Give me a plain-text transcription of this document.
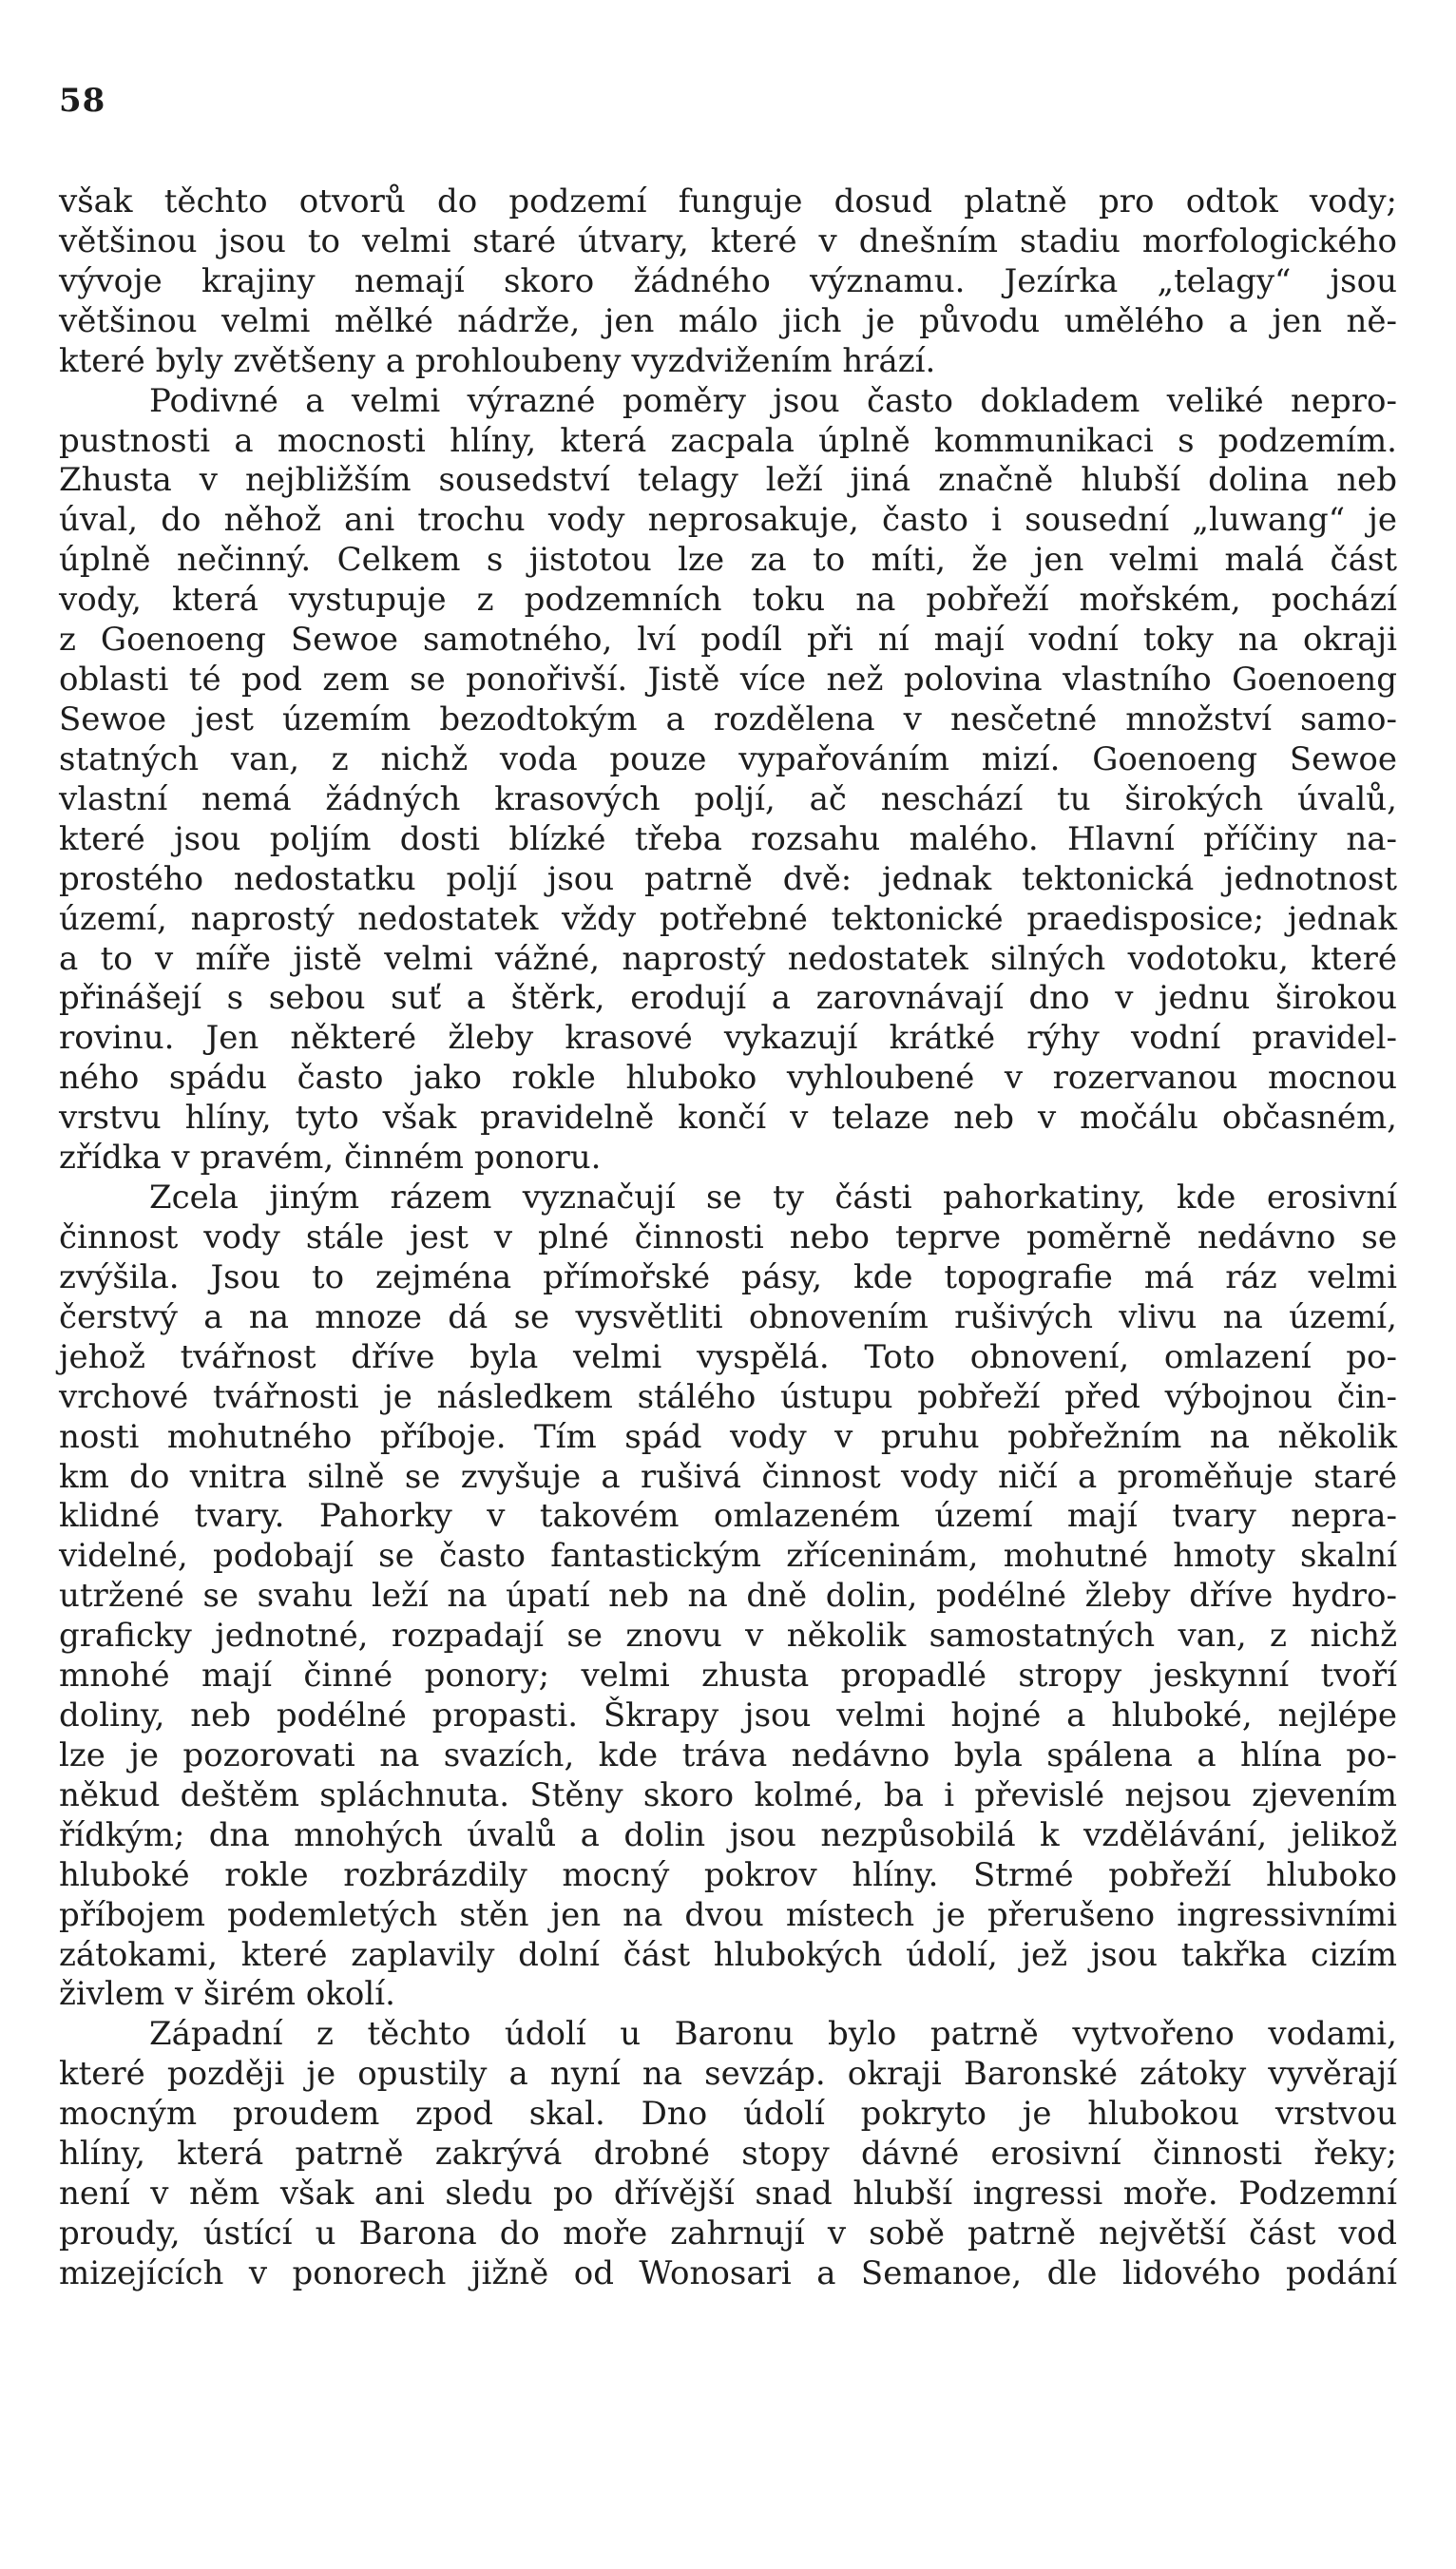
58
však těchto otvorů do podzemí funguje dosud platně pro odtok vody;
většinou jsou to velmi staré útvary, které v dnešním stadiu morfologického
vývoje krajiny nemají skoro žádného významu. Jezírka „telagy“ jsou
většinou velmi mělké nádrže, jen málo jich je původu umělého a jen ně-
které byly zvětšeny a prohloubeny vyzdvižením hrází.
Podivné a velmi výrazné poměry jsou často dokladem veliké nepro-
pustnosti a mocnosti hlíny, která zacpala úplně kommunikaci s podzemím.
Zhusta v nejbližším sousedství telagy leží jiná značně hlubší dolina neb
úval, do něhož ani trochu vody neprosakuje, často i sousední „luwang“ je
úplně nečinný. Celkem s jistotou lze za to míti, že jen velmi malá část
vody, která vystupuje z podzemních toku na pobřeží mořském, pochází
z Goenoeng Sewoe samotného, lví podíl při ní mají vodní toky na okraji
oblasti té pod zem se ponořivší. Jistě více než polovina vlastního Goenoeng
Sewoe jest územím bezodtokým a rozdělena v nesčetné množství samo-
statných van, z nichž voda pouze vypařováním mizí. Goenoeng Sewoe
vlastní nemá žádných krasových poljí, ač neschází tu širokých úvalů,
které jsou poljím dosti blízké třeba rozsahu malého. Hlavní příčiny na-
prostého nedostatku poljí jsou patrně dvě: jednak tektonická jednotnost
území, naprostý nedostatek vždy potřebné tektonické praedisposice; jednak
a to v míře jistě velmi vážné, naprostý nedostatek silných vodotoku, které
přinášejí s sebou suť a štěrk, erodují a zarovnávají dno v jednu širokou
rovinu. Jen některé žleby krasové vykazují krátké rýhy vodní pravidel-
ného spádu často jako rokle hluboko vyhloubené v rozervanou mocnou
vrstvu hlíny, tyto však pravidelně končí v telaze neb v močálu občasném,
zřídka v pravém, činném ponoru.
Zcela jiným rázem vyznačují se ty části pahorkatiny, kde erosivní
činnost vody stále jest v plné činnosti nebo teprve poměrně nedávno se
zvýšila. Jsou to zejména přímořské pásy, kde topografie má ráz velmi
čerstvý a na mnoze dá se vysvětliti obnovením rušivých vlivu na území,
jehož tvářnost dříve byla velmi vyspělá. Toto obnovení, omlazení po-
vrchové tvářnosti je následkem stálého ústupu pobřeží před výbojnou čin-
nosti mohutného příboje. Tím spád vody v pruhu pobřežním na několik
km do vnitra silně se zvyšuje a rušivá činnost vody ničí a proměňuje staré
klidné tvary. Pahorky v takovém omlazeném území mají tvary nepra-
videlné, podobají se často fantastickým zříceninám, mohutné hmoty skalní
utržené se svahu leží na úpatí neb na dně dolin, podélné žleby dříve hydro-
graficky jednotné, rozpadají se znovu v několik samostatných van, z nichž
mnohé mají činné ponory; velmi zhusta propadlé stropy jeskynní tvoří
doliny, neb podélné propasti. Škrapy jsou velmi hojné a hluboké, nejlépe
lze je pozorovati na svazích, kde tráva nedávno byla spálena a hlína po-
někud deštěm spláchnuta. Stěny skoro kolmé, ba i převislé nejsou zjevením
řídkým; dna mnohých úvalů a dolin jsou nezpůsobilá k vzdělávání, jelikož
hluboké rokle rozbrázdily mocný pokrov hlíny. Strmé pobřeží hluboko
příbojem podemletých stěn jen na dvou místech je přerušeno ingressivními
zátokami, které zaplavily dolní část hlubokých údolí, jež jsou takřka cizím
živlem v širém okolí.
Západní z těchto údolí u Baronu bylo patrně vytvořeno vodami,
které později je opustily a nyní na sevzáp. okraji Baronské zátoky vyvěrají
mocným proudem zpod skal. Dno údolí pokryto je hlubokou vrstvou
hlíny, která patrně zakrývá drobné stopy dávné erosivní činnosti řeky;
není v něm však ani sledu po dřívější snad hlubší ingressi moře. Podzemní
proudy, ústící u Barona do moře zahrnují v sobě patrně největší část vod
mizejících v ponorech jižně od Wonosari a Semanoe, dle lidového podání
